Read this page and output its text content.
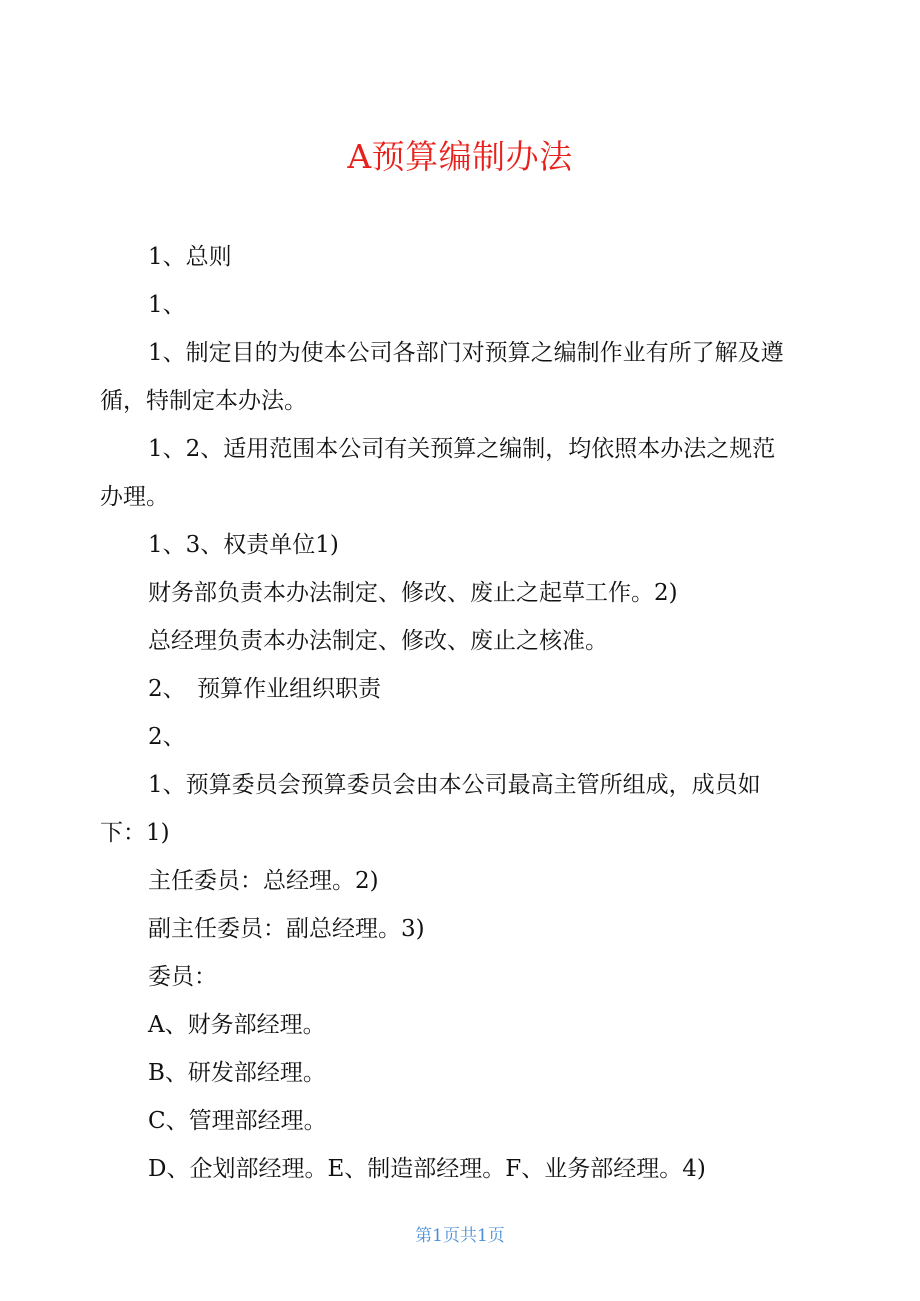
A预算编制办法

1、总则

1、

1、制定目的为使本公司各部门对预算之编制作业有所了解及遵循，特制定本办法。

1、2、适用范围本公司有关预算之编制，均依照本办法之规范办理。

1、3、权责单位1)

财务部负责本办法制定、修改、废止之起草工作。2)

总经理负责本办法制定、修改、废止之核准。

2、　预算作业组织职责

2、

1、预算委员会预算委员会由本公司最高主管所组成，成员如下：1)

主任委员：总经理。2)

副主任委员：副总经理。3)

委员：

A、财务部经理。

B、研发部经理。

C、管理部经理。

D、企划部经理。E、制造部经理。F、业务部经理。4)

第1页共1页
